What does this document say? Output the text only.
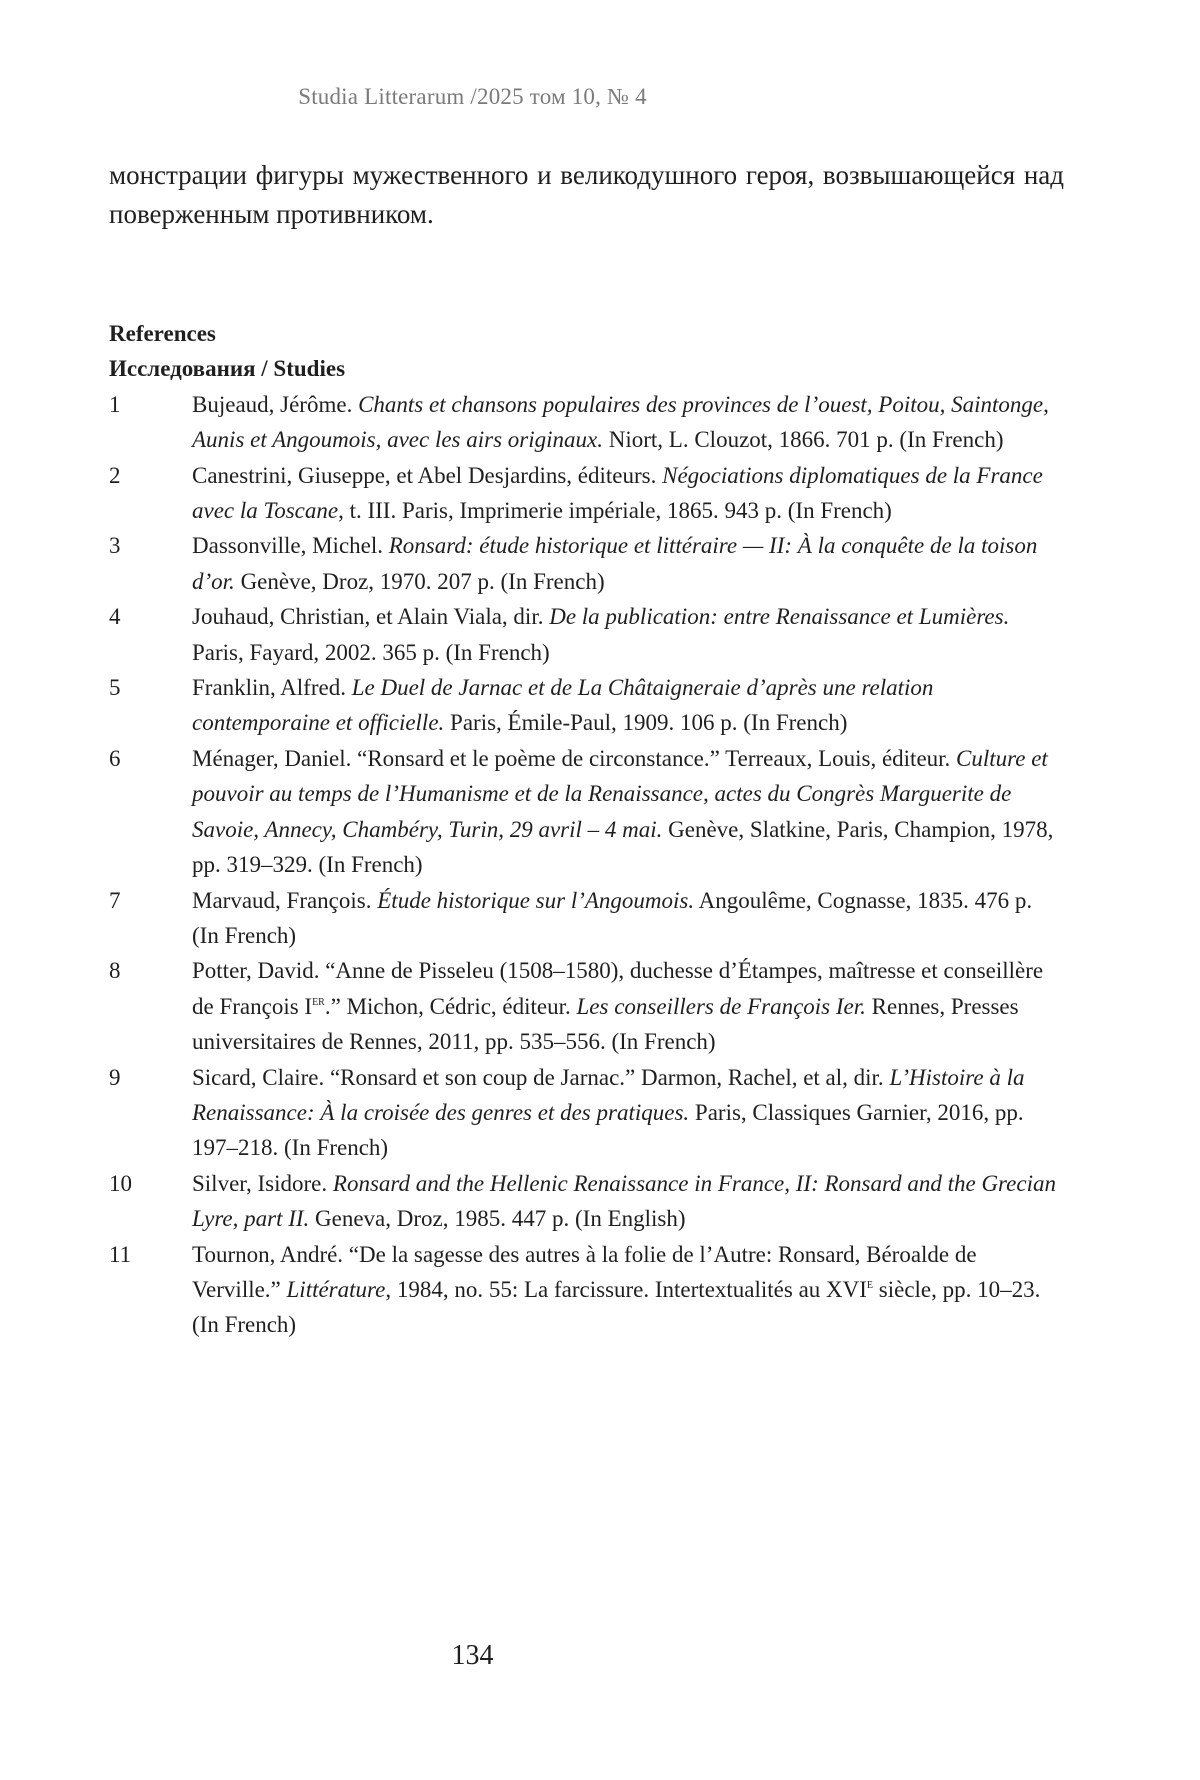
Studia Litterarum /2025 том 10, № 4
монстрации фигуры мужественного и великодушного героя, возвышающейся над поверженным противником.

References

Исследования / Studies

1	Bujeaud, Jérôme. Chants et chansons populaires des provinces de l’ouest, Poitou, Saintonge, Aunis et Angoumois, avec les airs originaux. Niort, L. Clouzot, 1866. 701 p. (In French)
2	Canestrini, Giuseppe, et Abel Desjardins, éditeurs. Négociations diplomatiques de la France avec la Toscane, t. III. Paris, Imprimerie impériale, 1865. 943 p. (In French)
3	Dassonville, Michel. Ronsard: étude historique et littéraire — II: À la conquête de la toison d’or. Genève, Droz, 1970. 207 p. (In French)
4	Jouhaud, Christian, et Alain Viala, dir. De la publication: entre Renaissance et Lumières. Paris, Fayard, 2002. 365 p. (In French)
5	Franklin, Alfred. Le Duel de Jarnac et de La Châtaigneraie d’après une relation contemporaine et officielle. Paris, Émile-Paul, 1909. 106 p. (In French)
6	Ménager, Daniel. “Ronsard et le poème de circonstance.” Terreaux, Louis, éditeur. Culture et pouvoir au temps de l’Humanisme et de la Renaissance, actes du Congrès Marguerite de Savoie, Annecy, Chambéry, Turin, 29 avril – 4 mai. Genève, Slatkine, Paris, Champion, 1978, pp. 319–329. (In French)
7	Marvaud, François. Étude historique sur l’Angoumois. Angoulême, Cognasse, 1835. 476 p. (In French)
8	Potter, David. “Anne de Pisseleu (1508–1580), duchesse d’Étampes, maîtresse et conseillère de François IER.” Michon, Cédric, éditeur. Les conseillers de François Ier. Rennes, Presses universitaires de Rennes, 2011, pp. 535–556. (In French)
9	Sicard, Claire. “Ronsard et son coup de Jarnac.” Darmon, Rachel, et al, dir. L’Histoire à la Renaissance: À la croisée des genres et des pratiques. Paris, Classiques Garnier, 2016, pp. 197–218. (In French)
10	Silver, Isidore. Ronsard and the Hellenic Renaissance in France, II: Ronsard and the Grecian Lyre, part II. Geneva, Droz, 1985. 447 p. (In English)
11	Tournon, André. “De la sagesse des autres à la folie de l’Autre: Ronsard, Béroalde de Verville.” Littérature, 1984, no. 55: La farcissure. Intertextualités au $XVI^E$ siècle, pp. 10–23. (In French)
134
